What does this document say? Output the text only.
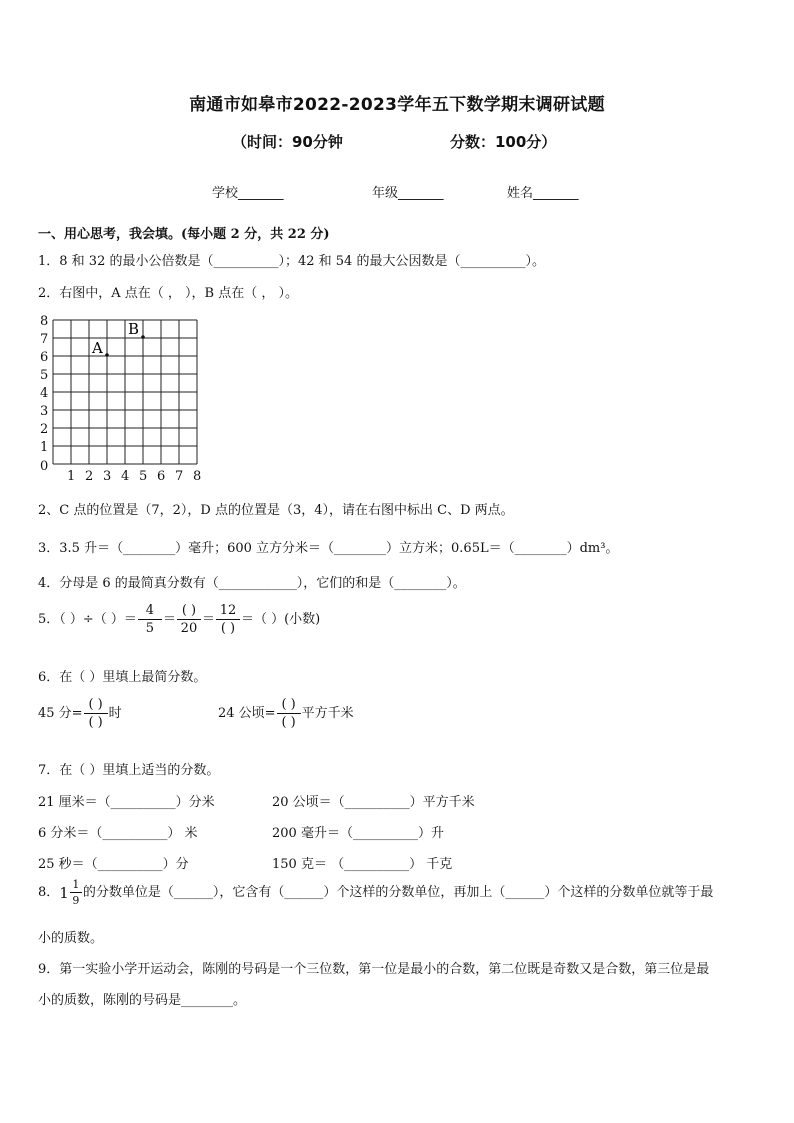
南通市如皋市2022-2023学年五下数学期末调研试题
（时间：90分钟	分数：100分）
学校_______	年级_______	姓名_______
一、用心思考，我会填。(每小题 2 分，共 22 分)
1．8 和 32 的最小公倍数是（__________）；42 和 54 的最大公因数是（__________）。
2．右图中，A 点在（ ， ），B 点在（ ， ）。
0
1 2 3 4 5 6 7 8
1
2
3
4
5
6
7
8
A
B
2、C 点的位置是（7，2），D 点的位置是（3，4），请在右图中标出 C、D 两点。
3．3.5 升＝（________）毫升；600 立方分米＝（________）立方米；0.65L＝（________）dm³。
4．分母是 6 的最简真分数有（____________），它们的和是（________）。
5．（ ）÷（ ）＝ $\frac{4}{5} = \frac{( )}{20} = \frac{12}{( )}$ ＝（ ）(小数)
6．在（ ）里填上最简分数。
45 分= $\frac{( )}{( )}$ 时	24 公顷= $\frac{( )}{( )}$ 平方千米
7．在（ ）里填上适当的分数。
21 厘米＝（__________）分米	20 公顷＝（__________）平方千米
6 分米＝（__________） 米	200 毫升＝（__________）升
25 秒＝（__________）分	150 克＝ （__________） 千克
8． $1 \frac{1}{9}$ 的分数单位是（______），它含有（______）个这样的分数单位，再加上（______）个这样的分数单位就等于最
小的质数。
9．第一实验小学开运动会，陈刚的号码是一个三位数，第一位是最小的合数，第二位既是奇数又是合数，第三位是最
小的质数，陈刚的号码是________。
